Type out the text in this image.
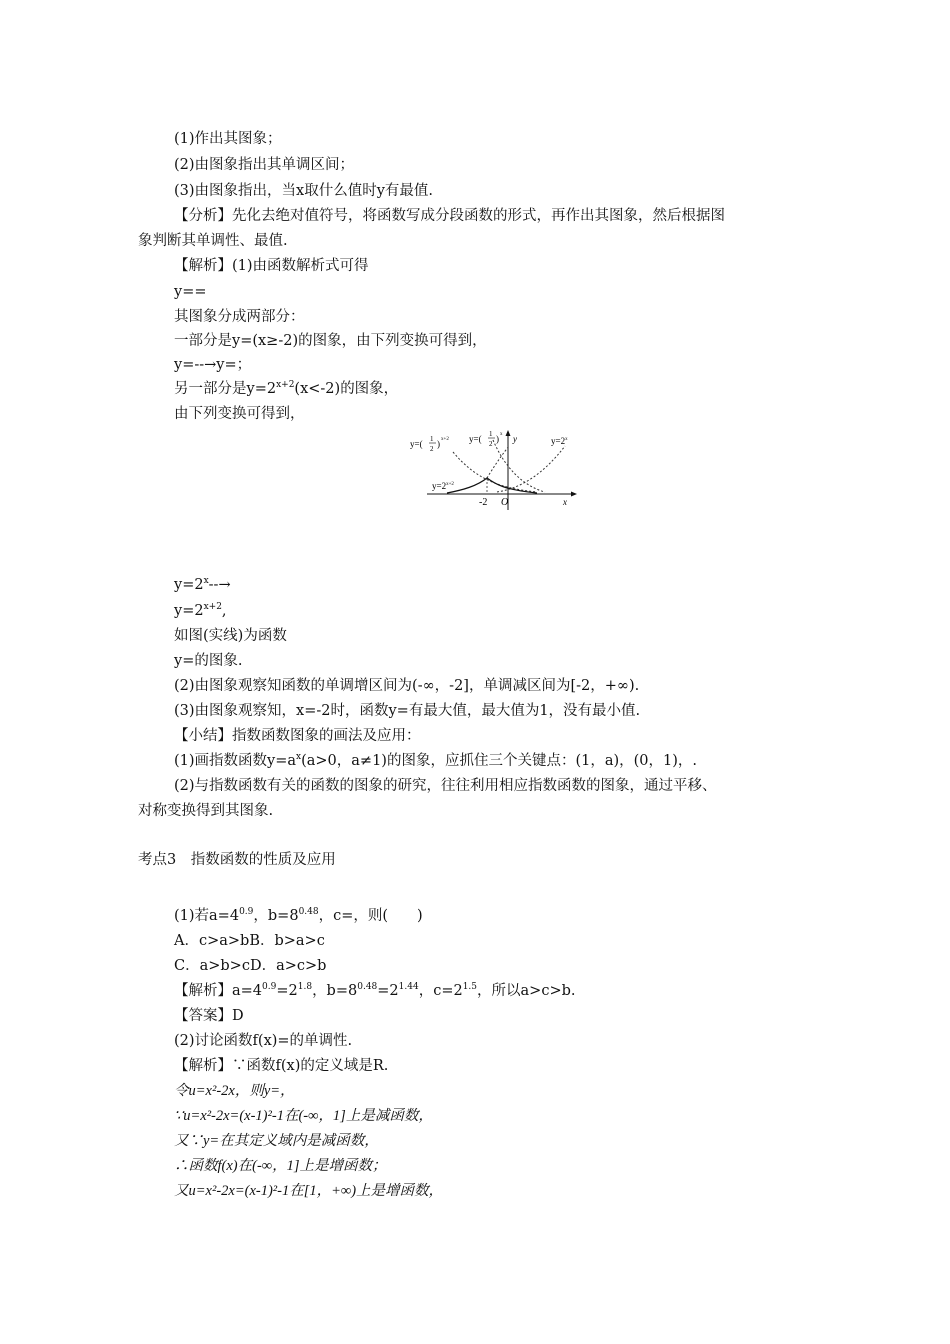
(1)作出其图象；
(2)由图象指出其单调区间；
(3)由图象指出，当x取什么值时y有最值.
【分析】先化去绝对值符号，将函数写成分段函数的形式，再作出其图象，然后根据图
象判断其单调性、最值.
【解析】(1)由函数解析式可得
y==
其图象分成两部分：
一部分是y=(x≥-2)的图象，由下列变换可得到，
y=--→y=；
另一部分是$y=2^{x+2}(x<-2)$的图象，
由下列变换可得到，
y=( 1
2 ) x+2 y=( 1
2 ) x
$y=2^x$
$y=2^{x+2}$
y
x
-2 O
$y=2^x--\to$
$y=2^{x+2}$,
如图(实线)为函数
y=的图象.
(2)由图象观察知函数的单调增区间为(-∞，-2]，单调减区间为[-2，+∞).
(3)由图象观察知，x=-2时，函数y=有最大值，最大值为1，没有最小值.
【小结】指数函数图象的画法及应用：
(1)画指数函数$y=a^x(a>0$，a≠1)的图象，应抓住三个关键点：(1，a)，(0，1)，.
(2)与指数函数有关的函数的图象的研究，往往利用相应指数函数的图象，通过平移、
对称变换得到其图象.
考点3　指数函数的性质及应用
(1)若$a=4^{0.9}$，$b=8^{0.48}$，c=，则(　　)
A．c>a>bB．b>a>c
C．a>b>cD．a>c>b
【解析】$a=4^{0.9}=2^{1.8}$，$b=8^{0.48}=2^{1.44}$，$c=2^{1.5}$，所以a>c>b.
【答案】D
(2)讨论函数f(x)=的单调性.
【解析】∵函数f(x)的定义域是R.
令u=x²-2x，则y=，
∵u=x²-2x=(x-1)²-1在(-∞，1]上是减函数，
又∵y=在其定义域内是减函数，
∴函数f(x)在(-∞，1]上是增函数；
又u=x²-2x=(x-1)²-1在[1，+∞)上是增函数，
